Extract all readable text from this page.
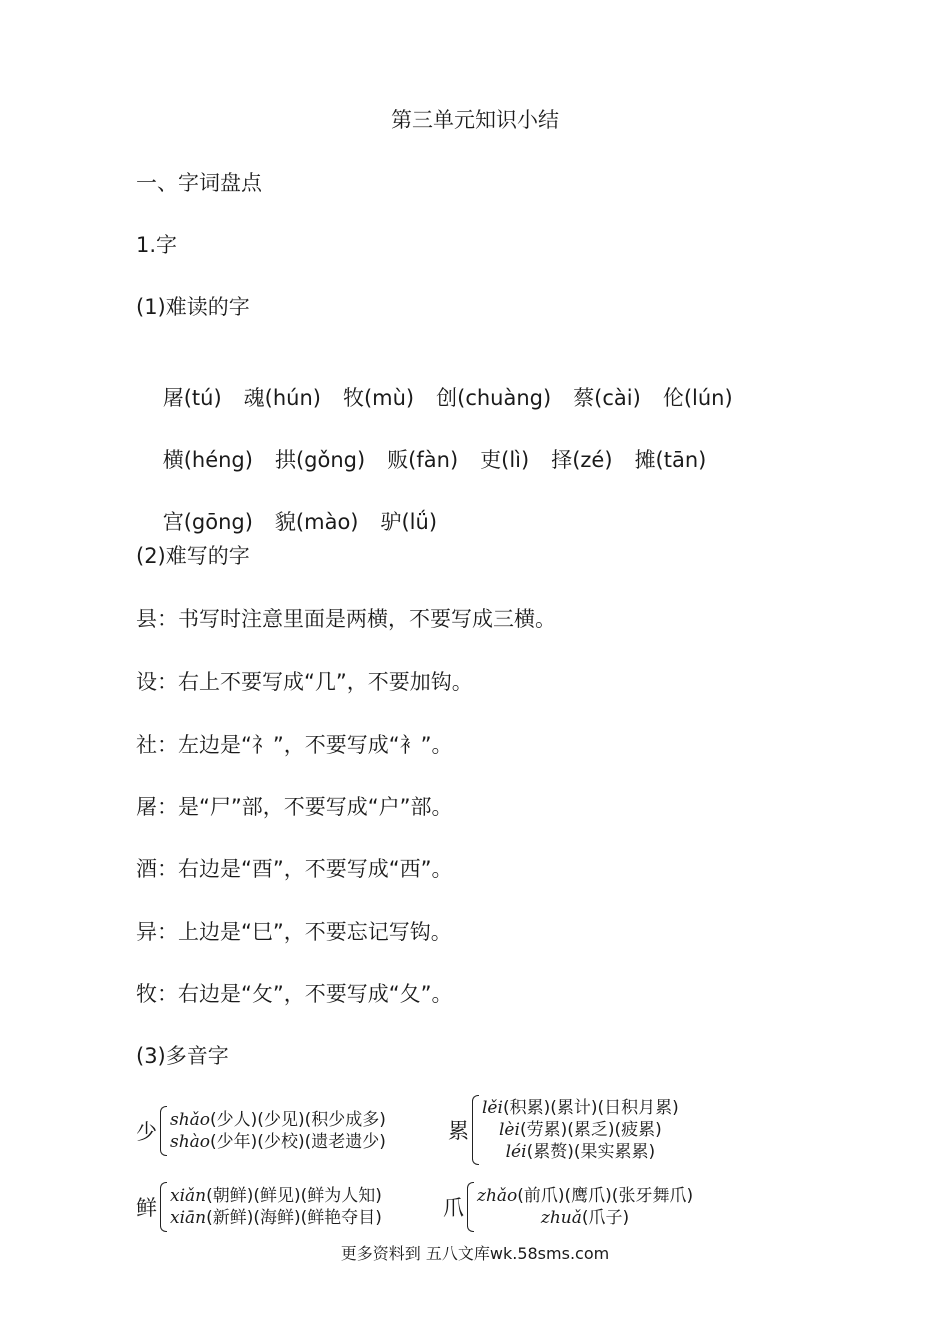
第三单元知识小结
一、字词盘点
1.字
(1)难读的字

屠(tú) 魂(hún) 牧(mù) 创(chuàng) 蔡(cài) 伦(lún)

横(héng) 拱(gǒng) 贩(fàn) 吏(lì) 择(zé) 摊(tān)

宫(gōng) 貌(mào) 驴(lǘ)

(2)难写的字
县：书写时注意里面是两横，不要写成三横。
设：右上不要写成“几”，不要加钩。
社：左边是“礻”，不要写成“衤”。
屠：是“尸”部，不要写成“户”部。
酒：右边是“酉”，不要写成“西”。
异：上边是“巳”，不要忘记写钩。
牧：右边是“攵”，不要写成“夂”。
(3)多音字
少 shǎo(少人)(少见)(积少成多)
shào(少年)(少校)(遗老遗少)	累
lěi(积累)(累计)(日积月累)
lèi(劳累)(累乏)(疲累)
léi(累赘)(果实累累)
鲜 xiǎn(朝鲜)(鲜见)(鲜为人知)
xiān(新鲜)(海鲜)(鲜艳夺目)	爪 zhǎo(前爪)(鹰爪)(张牙舞爪)
zhuǎ(爪子)
更多资料到 五八文库wk.58sms.com
